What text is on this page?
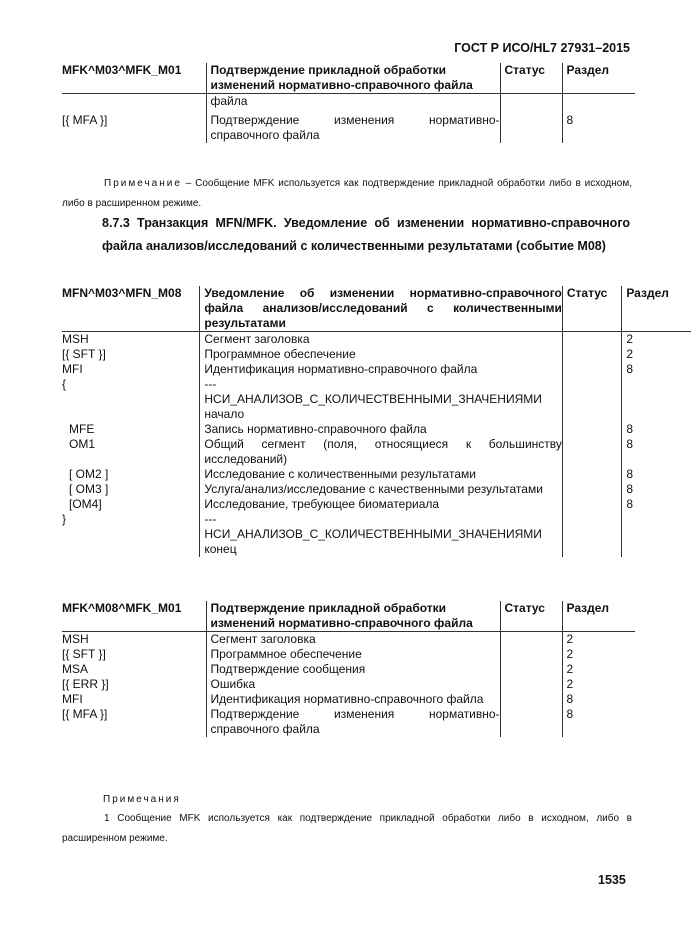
ГОСТ Р ИСО/HL7 27931–2015
MFK^M03^MFK_M01	Подтверждение прикладной обработки изменений нормативно-справочного файла	Статус	Раздел
	файла		
[{ MFA }]	Подтверждение изменения нормативно-справочного файла		8
Примечание – Сообщение MFK используется как подтверждение прикладной обработки либо в исходном, либо в расширенном режиме.
8.7.3 Транзакция MFN/MFK. Уведомление об изменении нормативно-справочного файла анализов/исследований с количественными результатами (событие M08)
MFN^M03^MFN_M08	Уведомление об изменении нормативно-справочного файла анализов/исследований с количественными результатами	Статус	Раздел
MSH	Сегмент заголовка		2
[{ SFT }]	Программное обеспечение		2
MFI	Идентификация нормативно-справочного файла		8
{	--- НСИ_АНАЛИЗОВ_С_КОЛИЧЕСТВЕННЫМИ_ЗНАЧЕНИЯМИ начало		
MFE	Запись нормативно-справочного файла		8
OM1	Общий сегмент (поля, относящиеся к большинству исследований)		8
[ OM2 ]	Исследование с количественными результатами		8
[ OM3 ]	Услуга/анализ/исследование с качественными результатами		8
[OM4]	Исследование, требующее биоматериала		8
}	--- НСИ_АНАЛИЗОВ_С_КОЛИЧЕСТВЕННЫМИ_ЗНАЧЕНИЯМИ конец		
MFK^M08^MFK_M01	Подтверждение прикладной обработки изменений нормативно-справочного файла	Статус	Раздел
MSH	Сегмент заголовка		2
[{ SFT }]	Программное обеспечение		2
MSA	Подтверждение сообщения		2
[{ ERR }]	Ошибка		2
MFI	Идентификация нормативно-справочного файла		8
[{ MFA }]	Подтверждение изменения нормативно-справочного файла		8
Примечания
1 Сообщение MFK используется как подтверждение прикладной обработки либо в исходном, либо в расширенном режиме.
1535
